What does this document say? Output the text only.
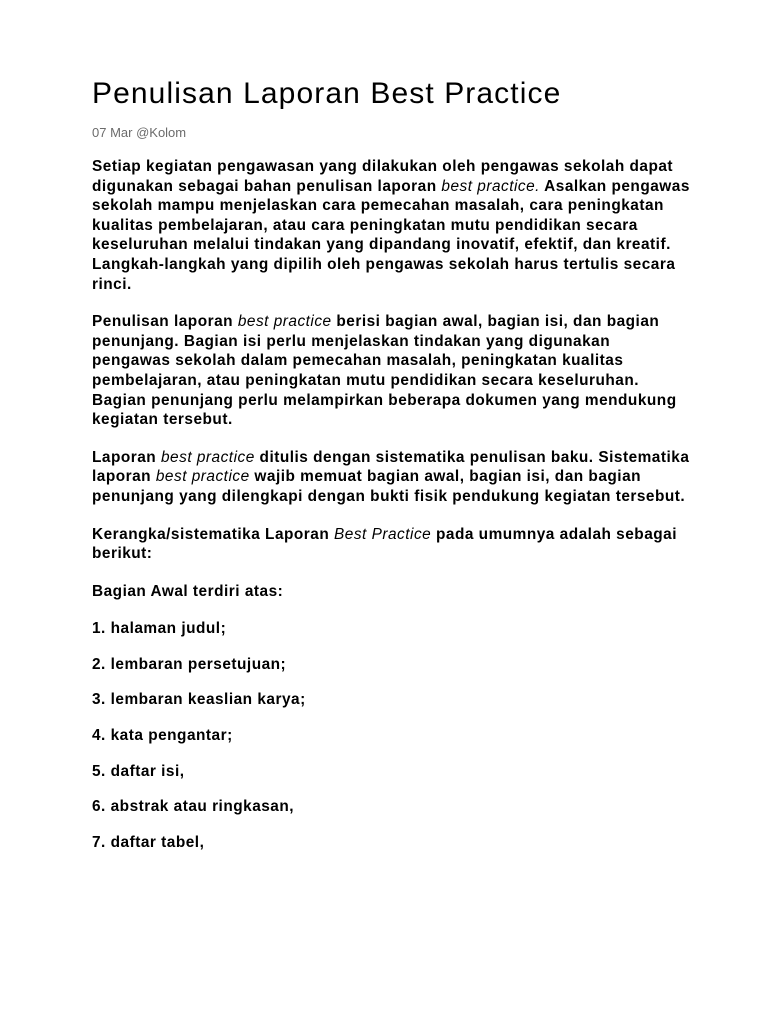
Penulisan Laporan Best Practice
07 Mar @Kolom

Setiap kegiatan pengawasan yang dilakukan oleh pengawas sekolah dapat digunakan sebagai bahan penulisan laporan best practice. Asalkan pengawas sekolah mampu menjelaskan cara pemecahan masalah, cara peningkatan kualitas pembelajaran, atau cara peningkatan mutu pendidikan secara keseluruhan melalui tindakan yang dipandang inovatif, efektif, dan kreatif. Langkah-langkah yang dipilih oleh pengawas sekolah harus tertulis secara rinci.

Penulisan laporan best practice berisi bagian awal, bagian isi, dan bagian penunjang. Bagian isi perlu menjelaskan tindakan yang digunakan pengawas sekolah dalam pemecahan masalah, peningkatan kualitas pembelajaran, atau peningkatan mutu pendidikan secara keseluruhan. Bagian penunjang perlu melampirkan beberapa dokumen yang mendukung kegiatan tersebut.

Laporan best practice ditulis dengan sistematika penulisan baku. Sistematika laporan best practice wajib memuat bagian awal, bagian isi, dan bagian penunjang yang dilengkapi dengan bukti fisik pendukung kegiatan tersebut.

Kerangka/sistematika Laporan Best Practice pada umumnya adalah sebagai berikut:

Bagian Awal terdiri atas:

1. halaman judul;

2. lembaran persetujuan;

3. lembaran keaslian karya;

4. kata pengantar;

5. daftar isi,

6. abstrak atau ringkasan,

7. daftar tabel,
